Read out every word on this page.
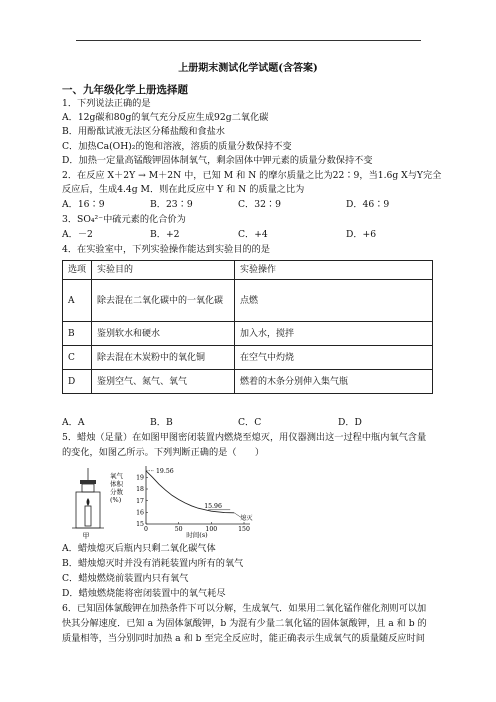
上册期末测试化学试题(含答案)
一、九年级化学上册选择题
1．下列说法正确的是
A．12g碳和80g的氧气充分反应生成92g二氧化碳
B．用酚酞试液无法区分稀盐酸和食盐水
C．加热Ca(OH)₂的饱和溶液，溶质的质量分数保持不变
D．加热一定量高锰酸钾固体制氧气，剩余固体中钾元素的质量分数保持不变
2．在反应 X＋2Y → M＋2N 中，已知 M 和 N 的摩尔质量之比为22∶9，当1.6g X与Y完全
反应后，生成4.4g M．则在此反应中 Y 和 N 的质量之比为
A．16∶9	B．23∶9	C．32∶9	D．46∶9
3．SO₄²⁻中硫元素的化合价为
A．－2	B．+2	C．+4	D．+6
4．在实验室中，下列实验操作能达到实验目的的是
选项	实验目的	实验操作
A	除去混在二氧化碳中的一氧化碳	点燃
B	鉴别软水和硬水	加入水，搅拌
C	除去混在木炭粉中的氧化铜	在空气中灼烧
D	鉴别空气、氮气、氧气	燃着的木条分别伸入集气瓶
A．A	B．B	C．C	D．D
5．蜡烛（足量）在如图甲图密闭装置内燃烧至熄灭，用仪器测出这一过程中瓶内氧气含量
的变化，如图乙所示。下列判断正确的是（　　）
甲
氧气
体积
分数
(%)
15
16
17
18
19
0	50	100	150
19.56
15.96
熄灭
时间(s)
A．蜡烛熄灭后瓶内只剩二氧化碳气体
B．蜡烛熄灭时并没有消耗装置内所有的氧气
C．蜡烛燃烧前装置内只有氧气
D．蜡烛燃烧能将密闭装置中的氧气耗尽
6．已知固体氯酸钾在加热条件下可以分解，生成氧气．如果用二氧化锰作催化剂则可以加
快其分解速度．已知 a 为固体氯酸钾，b 为混有少量二氧化锰的固体氯酸钾，且 a 和 b 的
质量相等，当分别同时加热 a 和 b 至完全反应时，能正确表示生成氧气的质量随反应时间
